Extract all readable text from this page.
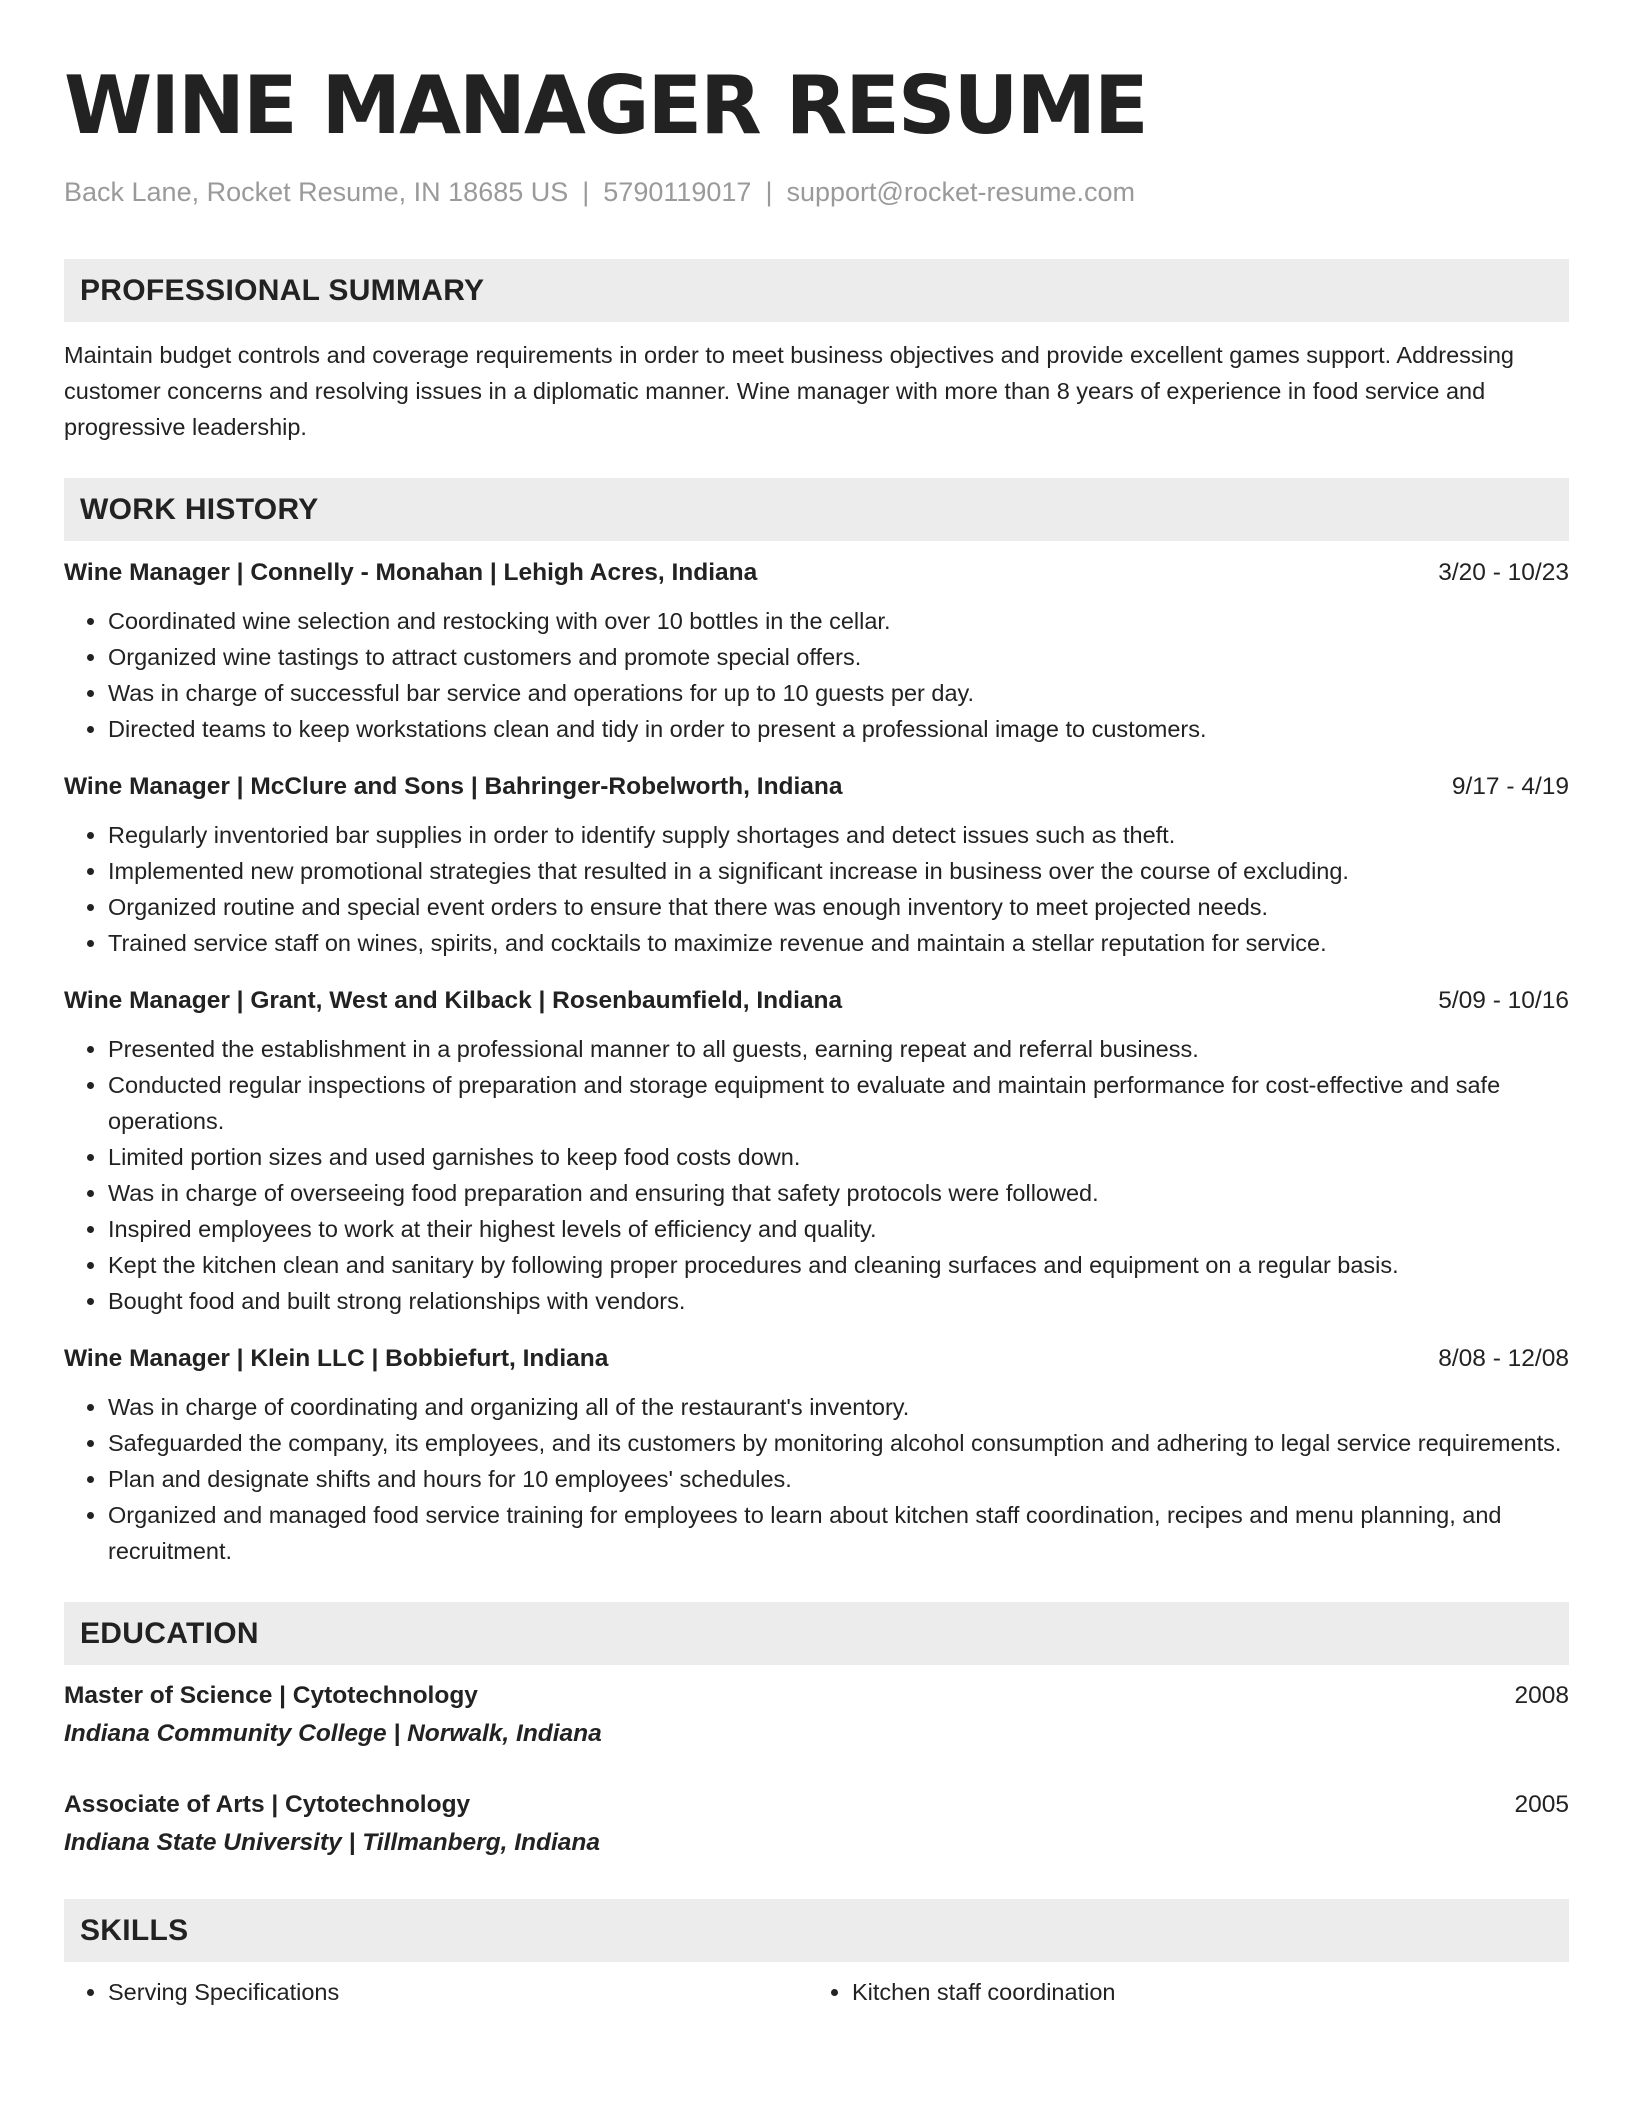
WINE MANAGER RESUME
Back Lane, Rocket Resume, IN 18685 US | 5790119017 | support@rocket-resume.com
PROFESSIONAL SUMMARY
Maintain budget controls and coverage requirements in order to meet business objectives and provide excellent games support. Addressing customer concerns and resolving issues in a diplomatic manner. Wine manager with more than 8 years of experience in food service and progressive leadership.
WORK HISTORY
Wine Manager | Connelly - Monahan | Lehigh Acres, Indiana	3/20 - 10/23
• Coordinated wine selection and restocking with over 10 bottles in the cellar.
• Organized wine tastings to attract customers and promote special offers.
• Was in charge of successful bar service and operations for up to 10 guests per day.
• Directed teams to keep workstations clean and tidy in order to present a professional image to customers.
Wine Manager | McClure and Sons | Bahringer-Robelworth, Indiana	9/17 - 4/19
• Regularly inventoried bar supplies in order to identify supply shortages and detect issues such as theft.
• Implemented new promotional strategies that resulted in a significant increase in business over the course of excluding.
• Organized routine and special event orders to ensure that there was enough inventory to meet projected needs.
• Trained service staff on wines, spirits, and cocktails to maximize revenue and maintain a stellar reputation for service.
Wine Manager | Grant, West and Kilback | Rosenbaumfield, Indiana	5/09 - 10/16
• Presented the establishment in a professional manner to all guests, earning repeat and referral business.
• Conducted regular inspections of preparation and storage equipment to evaluate and maintain performance for cost-effective and safe operations.
• Limited portion sizes and used garnishes to keep food costs down.
• Was in charge of overseeing food preparation and ensuring that safety protocols were followed.
• Inspired employees to work at their highest levels of efficiency and quality.
• Kept the kitchen clean and sanitary by following proper procedures and cleaning surfaces and equipment on a regular basis.
• Bought food and built strong relationships with vendors.
Wine Manager | Klein LLC | Bobbiefurt, Indiana	8/08 - 12/08
• Was in charge of coordinating and organizing all of the restaurant's inventory.
• Safeguarded the company, its employees, and its customers by monitoring alcohol consumption and adhering to legal service requirements.
• Plan and designate shifts and hours for 10 employees' schedules.
• Organized and managed food service training for employees to learn about kitchen staff coordination, recipes and menu planning, and recruitment.
EDUCATION
Master of Science | Cytotechnology	2008
Indiana Community College | Norwalk, Indiana
Associate of Arts | Cytotechnology	2005
Indiana State University | Tillmanberg, Indiana
SKILLS
• Serving Specifications
•	Kitchen staff coordination
